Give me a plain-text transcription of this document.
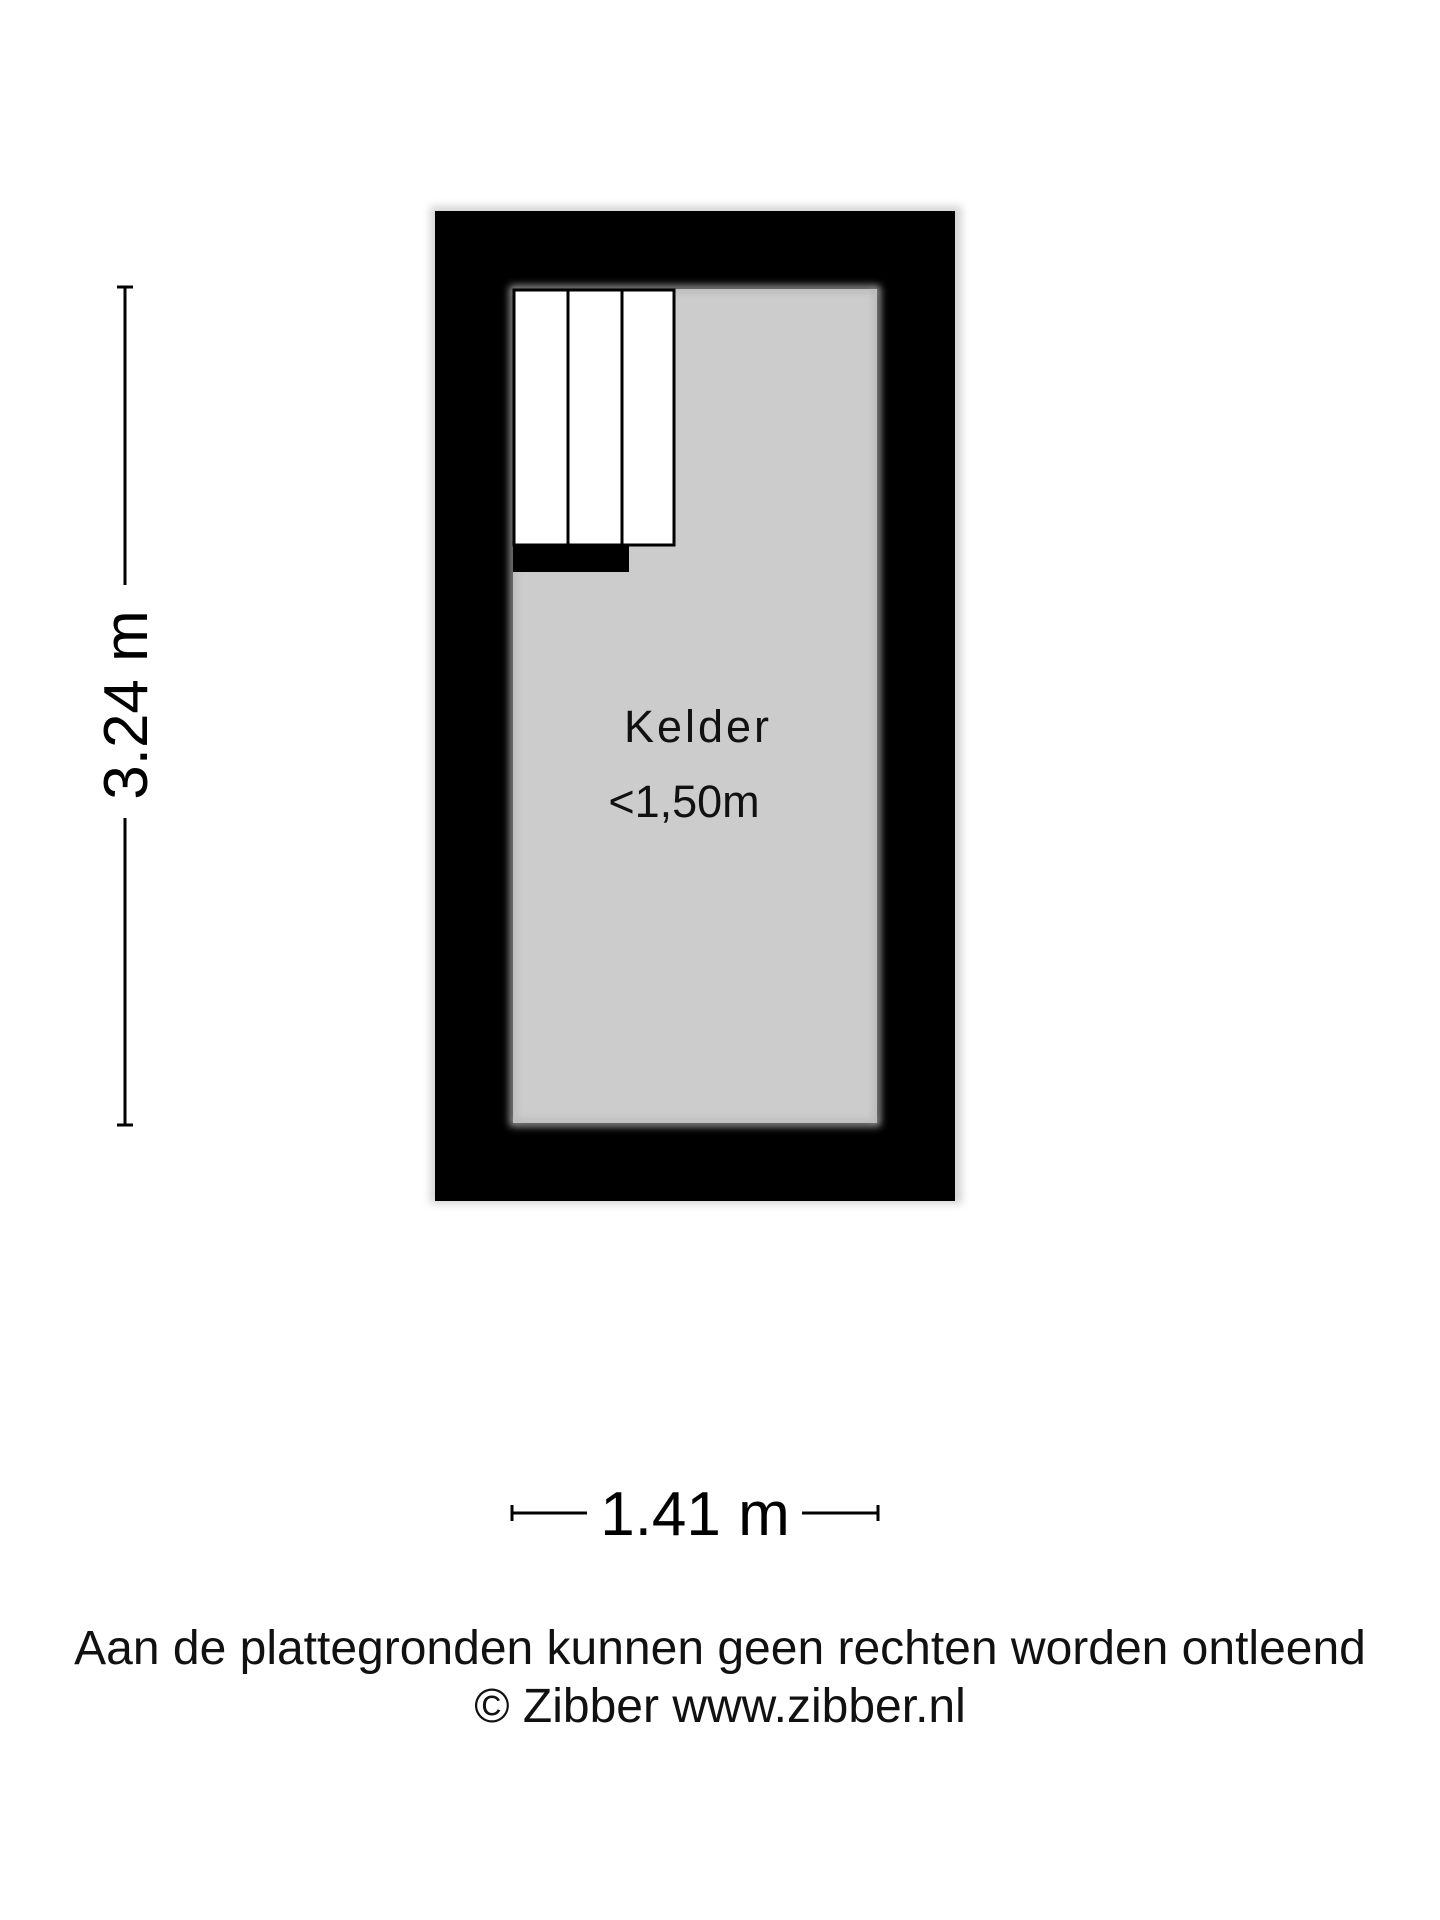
Kelder
<1,50m
3.24 m
1.41 m
Aan de plattegronden kunnen geen rechten worden ontleend
© Zibber www.zibber.nl
